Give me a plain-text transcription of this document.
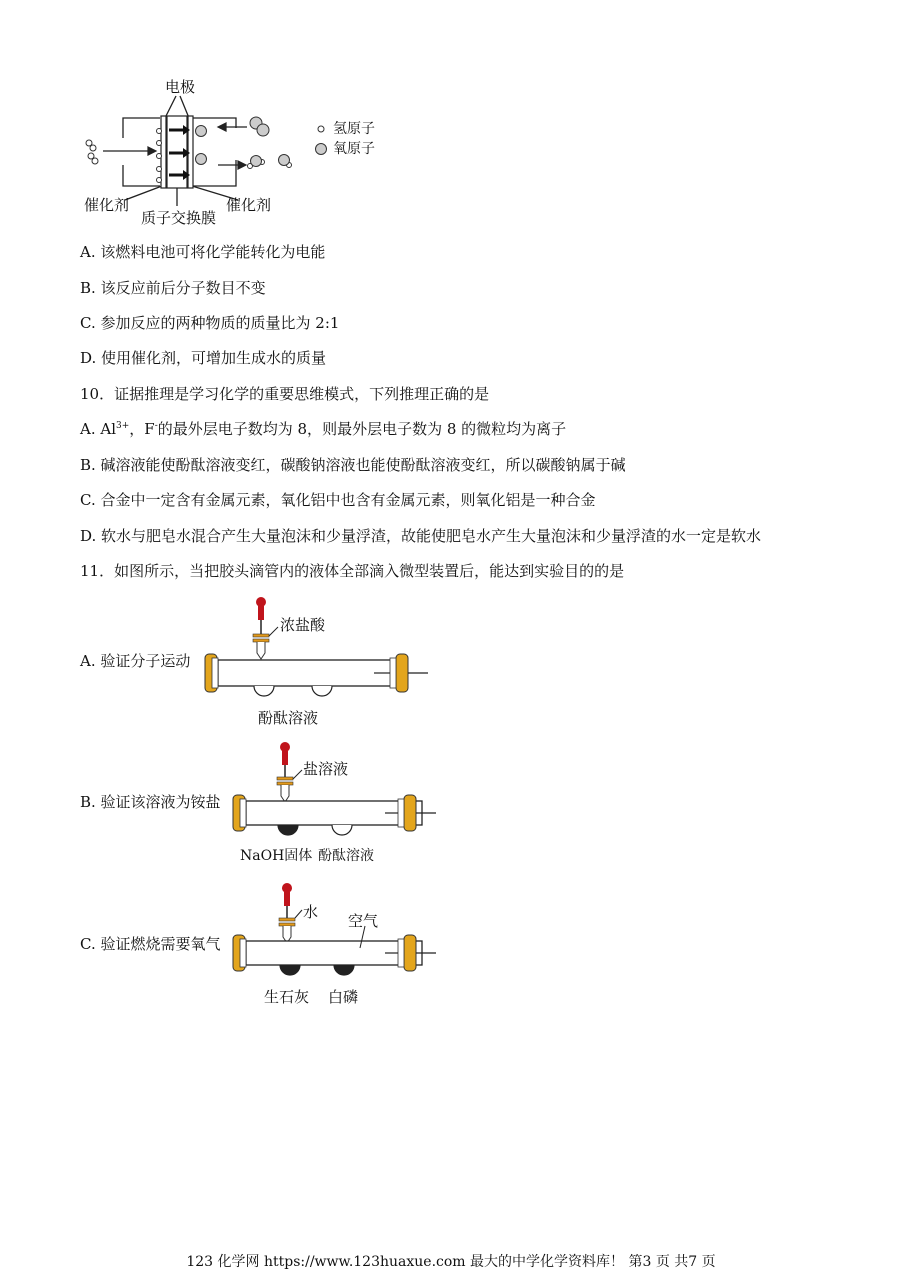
电极
氢原子
氧原子
催化剂	催化剂
质子交换膜
A. 该燃料电池可将化学能转化为电能
B. 该反应前后分子数目不变
C. 参加反应的两种物质的质量比为 2:1
D. 使用催化剂，可增加生成水的质量
10．证据推理是学习化学的重要思维模式，下列推理正确的是
A. $Al^{3+}$，F-的最外层电子数均为 8，则最外层电子数为 8 的微粒均为离子
B. 碱溶液能使酚酞溶液变红，碳酸钠溶液也能使酚酞溶液变红，所以碳酸钠属于碱
C. 合金中一定含有金属元素，氧化铝中也含有金属元素，则氧化铝是一种合金
D. 软水与肥皂水混合产生大量泡沫和少量浮渣，故能使肥皂水产生大量泡沫和少量浮渣的水一定是软水
11．如图所示，当把胶头滴管内的液体全部滴入微型装置后，能达到实验目的的是
A. 验证分子运动
浓盐酸
酚酞溶液
B. 验证该溶液为铵盐
盐溶液
NaOH固体 酚酞溶液
C. 验证燃烧需要氧气
水 空气
生石灰 白磷
123 化学网 https://www.123huaxue.com 最大的中学化学资料库！ 第3 页 共7 页
